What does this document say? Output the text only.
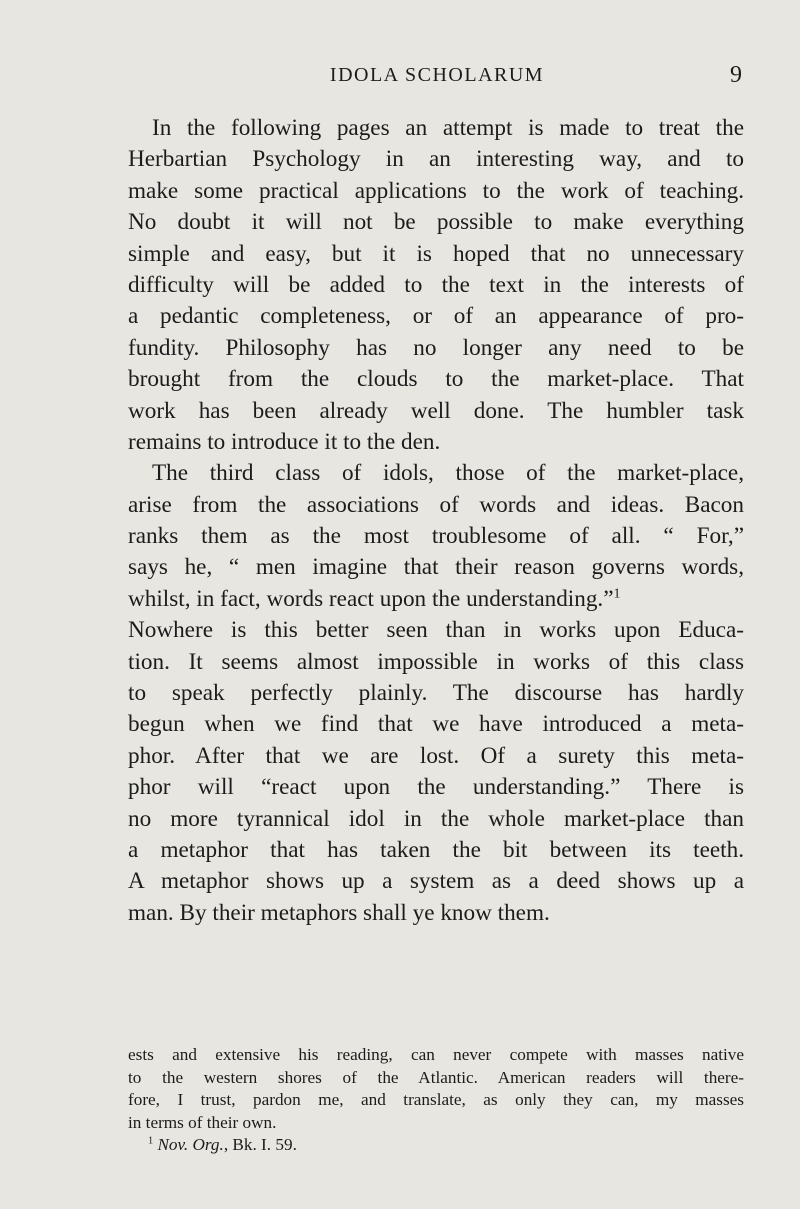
IDOLA SCHOLARUM	9
In the following pages an attempt is made to treat the
Herbartian Psychology in an interesting way, and to
make some practical applications to the work of teaching.
No doubt it will not be possible to make everything
simple and easy, but it is hoped that no unnecessary
difficulty will be added to the text in the interests of
a pedantic completeness, or of an appearance of pro-
fundity. Philosophy has no longer any need to be
brought from the clouds to the market-place. That
work has been already well done. The humbler task
remains to introduce it to the den.
The third class of idols, those of the market-place,
arise from the associations of words and ideas. Bacon
ranks them as the most troublesome of all. “ For,”
says he, “ men imagine that their reason governs words,
whilst, in fact, words react upon the understanding.”$^1$
Nowhere is this better seen than in works upon Educa-
tion. It seems almost impossible in works of this class
to speak perfectly plainly. The discourse has hardly
begun when we find that we have introduced a meta-
phor. After that we are lost. Of a surety this meta-
phor will “react upon the understanding.” There is
no more tyrannical idol in the whole market-place than
a metaphor that has taken the bit between its teeth.
A metaphor shows up a system as a deed shows up a
man. By their metaphors shall ye know them.
ests and extensive his reading, can never compete with masses native
to the western shores of the Atlantic. American readers will there-
fore, I trust, pardon me, and translate, as only they can, my masses
in terms of their own.
$^1$ Nov. Org., Bk. I. 59.
